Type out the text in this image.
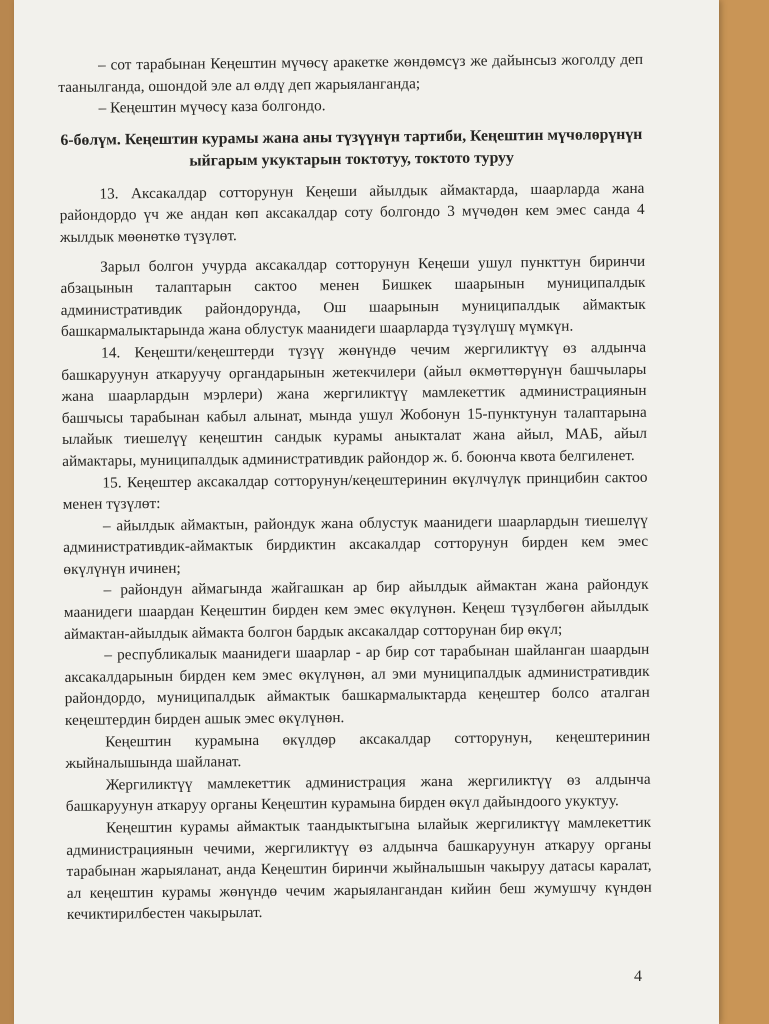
– сот тарабынан Кеңештин мүчөсү аракетке жөндөмсүз же дайынсыз жоголду деп таанылганда, ошондой эле ал өлдү деп жарыяланганда;

– Кеңештин мүчөсү каза болгондо.

6-бөлүм. Кеңештин курамы жана аны түзүүнүн тартиби, Кеңештин мүчөлөрүнүн ыйгарым укуктарын токтотуу, токтото туруу

13. Аксакалдар сотторунун Кеңеши айылдык аймактарда, шаарларда жана райондордо үч же андан көп аксакалдар соту болгондо 3 мүчөдөн кем эмес санда 4 жылдык мөөнөткө түзүлөт.

Зарыл болгон учурда аксакалдар сотторунун Кеңеши ушул пункттун биринчи абзацынын талаптарын сактоо менен Бишкек шаарынын муниципалдык административдик райондорунда, Ош шаарынын муниципалдык аймактык башкармалыктарында жана облустук маанидеги шаарларда түзүлүшү мүмкүн.

14. Кеңешти/кеңештерди түзүү жөнүндө чечим жергиликтүү өз алдынча башкаруунун аткаруучу органдарынын жетекчилери (айыл өкмөттөрүнүн башчылары жана шаарлардын мэрлери) жана жергиликтүү мамлекеттик администрациянын башчысы тарабынан кабыл алынат, мында ушул Жобонун 15-пунктунун талаптарына ылайык тиешелүү кеңештин сандык курамы аныкталат жана айыл, МАБ, айыл аймактары, муниципалдык административдик райондор ж. б. боюнча квота белгиленет.

15. Кеңештер аксакалдар сотторунун/кеңештеринин өкүлчүлүк принцибин сактоо менен түзүлөт:

– айылдык аймактын, райондук жана облустук маанидеги шаарлардын тиешелүү административдик-аймактык бирдиктин аксакалдар сотторунун бирден кем эмес өкүлүнүн ичинен;

– райондун аймагында жайгашкан ар бир айылдык аймактан жана райондук маанидеги шаардан Кеңештин бирден кем эмес өкүлүнөн. Кеңеш түзүлбөгөн айылдык аймактан-айылдык аймакта болгон бардык аксакалдар сотторунан бир өкүл;

– республикалык маанидеги шаарлар - ар бир сот тарабынан шайланган шаардын аксакалдарынын бирден кем эмес өкүлүнөн, ал эми муниципалдык административдик райондордо, муниципалдык аймактык башкармалыктарда кеңештер болсо аталган кеңештердин бирден ашык эмес өкүлүнөн.

Кеңештин курамына өкүлдөр аксакалдар сотторунун, кеңештеринин жыйналышында шайланат.

Жергиликтүү мамлекеттик администрация жана жергиликтүү өз алдынча башкаруунун аткаруу органы Кеңештин курамына бирден өкүл дайындоого укуктуу.

Кеңештин курамы аймактык таандыктыгына ылайык жергиликтүү мамлекеттик администрациянын чечими, жергиликтүү өз алдынча башкаруунун аткаруу органы тарабынан жарыяланат, анда Кеңештин биринчи жыйналышын чакыруу датасы каралат, ал кеңештин курамы жөнүндө чечим жарыялангандан кийин беш жумушчу күндөн кечиктирилбестен чакырылат.

4
